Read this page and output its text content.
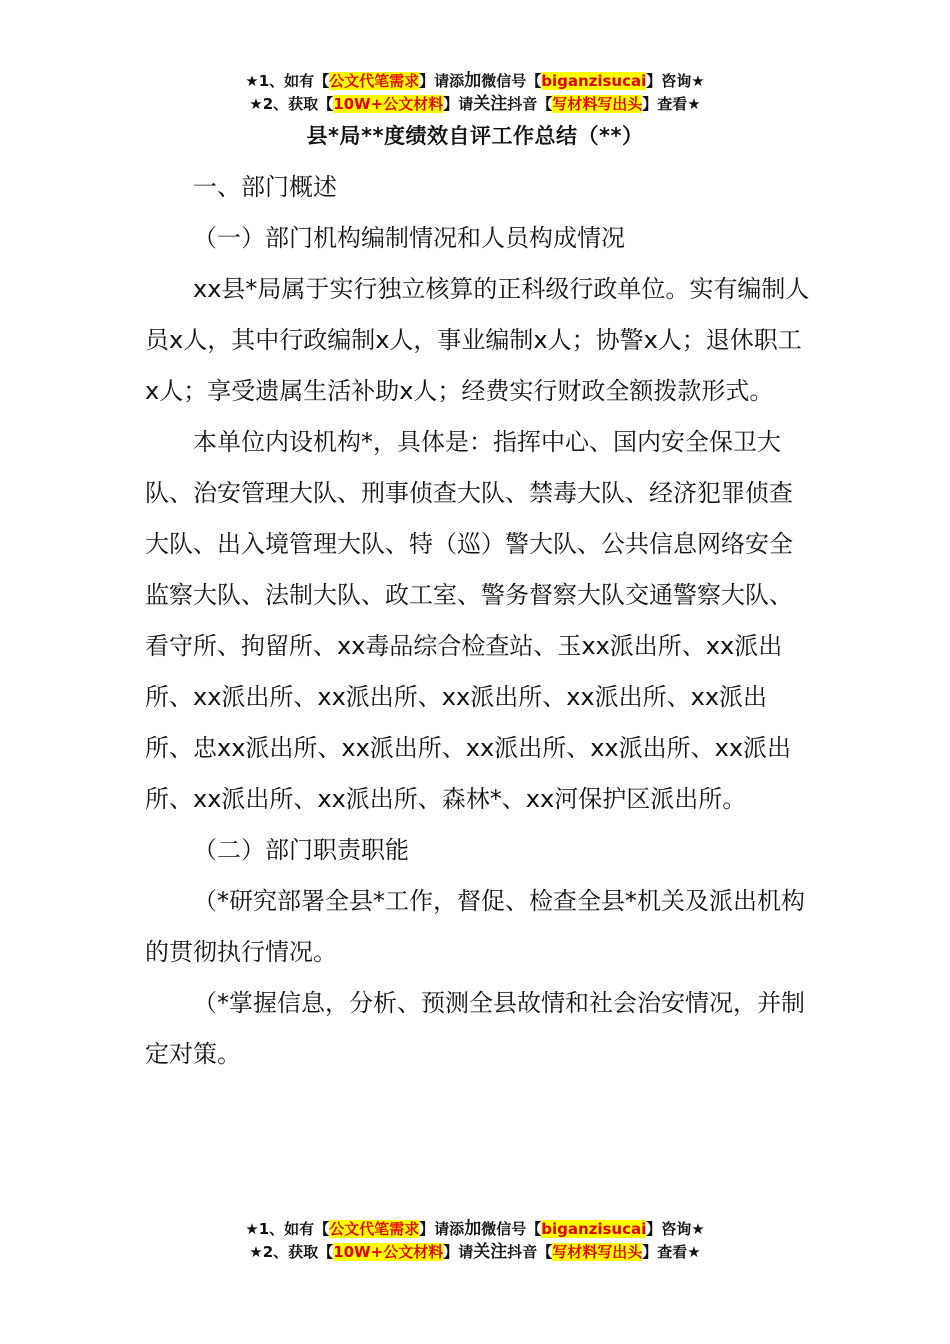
★1、如有【公文代笔需求】请添加微信号【biganzisucai】咨询★
★2、获取【10W+公文材料】请关注抖音【写材料写出头】查看★
县*局**度绩效自评工作总结（**）

一、部门概述

（一）部门机构编制情况和人员构成情况

xx县*局属于实行独立核算的正科级行政单位。实有编制人员x人，其中行政编制x人，事业编制x人；协警x人；退休职工x人；享受遗属生活补助x人；经费实行财政全额拨款形式。

本单位内设机构*，具体是：指挥中心、国内安全保卫大队、治安管理大队、刑事侦查大队、禁毒大队、经济犯罪侦查大队、出入境管理大队、特（巡）警大队、公共信息网络安全监察大队、法制大队、政工室、警务督察大队交通警察大队、看守所、拘留所、xx毒品综合检查站、玉xx派出所、xx派出所、xx派出所、xx派出所、xx派出所、xx派出所、xx派出所、忠xx派出所、xx派出所、xx派出所、xx派出所、xx派出所、xx派出所、xx派出所、森林*、xx河保护区派出所。

（二）部门职责职能

（*研究部署全县*工作，督促、检查全县*机关及派出机构的贯彻执行情况。

（*掌握信息，分析、预测全县故情和社会治安情况，并制定对策。

★1、如有【公文代笔需求】请添加微信号【biganzisucai】咨询★
★2、获取【10W+公文材料】请关注抖音【写材料写出头】查看★
